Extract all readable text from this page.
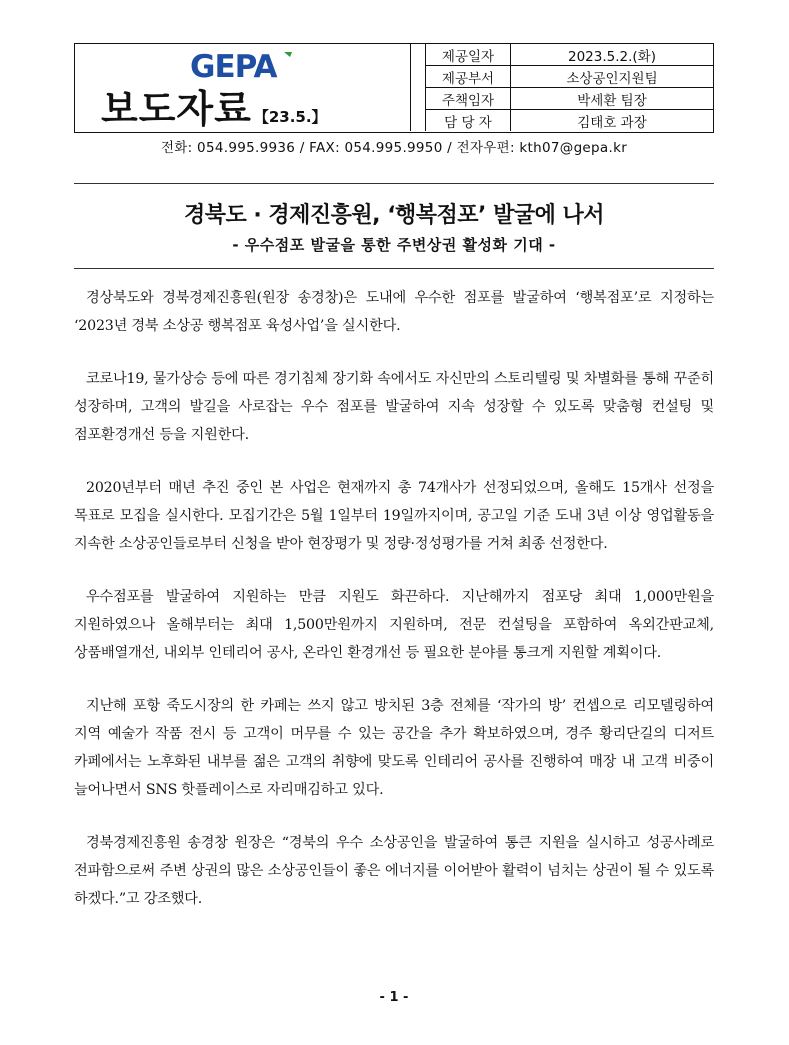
GEPA
보도자료 【23.5.】
제공일자	2023.5.2.(화)
제공부서	소상공인지원팀
주책임자	박세환 팀장
담 당 자	김태호 과장
전화: 054.995.9936 / FAX: 054.995.9950 / 전자우편: kth07@gepa.kr
경북도 · 경제진흥원, ‘행복점포’ 발굴에 나서
- 우수점포 발굴을 통한 주변상권 활성화 기대 -

경상북도와 경북경제진흥원(원장 송경창)은 도내에 우수한 점포를 발굴하여 ‘행복점포’로 지정하는 ‘2023년 경북 소상공 행복점포 육성사업’을 실시한다.

코로나19, 물가상승 등에 따른 경기침체 장기화 속에서도 자신만의 스토리텔링 및 차별화를 통해 꾸준히 성장하며, 고객의 발길을 사로잡는 우수 점포를 발굴하여 지속 성장할 수 있도록 맞춤형 컨설팅 및 점포환경개선 등을 지원한다.

2020년부터 매년 추진 중인 본 사업은 현재까지 총 74개사가 선정되었으며, 올해도 15개사 선정을 목표로 모집을 실시한다. 모집기간은 5월 1일부터 19일까지이며, 공고일 기준 도내 3년 이상 영업활동을 지속한 소상공인들로부터 신청을 받아 현장평가 및 정량·정성평가를 거쳐 최종 선정한다.

우수점포를 발굴하여 지원하는 만큼 지원도 화끈하다. 지난해까지 점포당 최대 1,000만원을 지원하였으나 올해부터는 최대 1,500만원까지 지원하며, 전문 컨설팅을 포함하여 옥외간판교체, 상품배열개선, 내외부 인테리어 공사, 온라인 환경개선 등 필요한 분야를 통크게 지원할 계획이다.

지난해 포항 죽도시장의 한 카페는 쓰지 않고 방치된 3층 전체를 ‘작가의 방’ 컨셉으로 리모델링하여 지역 예술가 작품 전시 등 고객이 머무를 수 있는 공간을 추가 확보하였으며, 경주 황리단길의 디저트 카페에서는 노후화된 내부를 젊은 고객의 취향에 맞도록 인테리어 공사를 진행하여 매장 내 고객 비중이 늘어나면서 SNS 핫플레이스로 자리매김하고 있다.

경북경제진흥원 송경창 원장은 “경북의 우수 소상공인을 발굴하여 통큰 지원을 실시하고 성공사례로 전파함으로써 주변 상권의 많은 소상공인들이 좋은 에너지를 이어받아 활력이 넘치는 상권이 될 수 있도록 하겠다.”고 강조했다.

- 1 -
